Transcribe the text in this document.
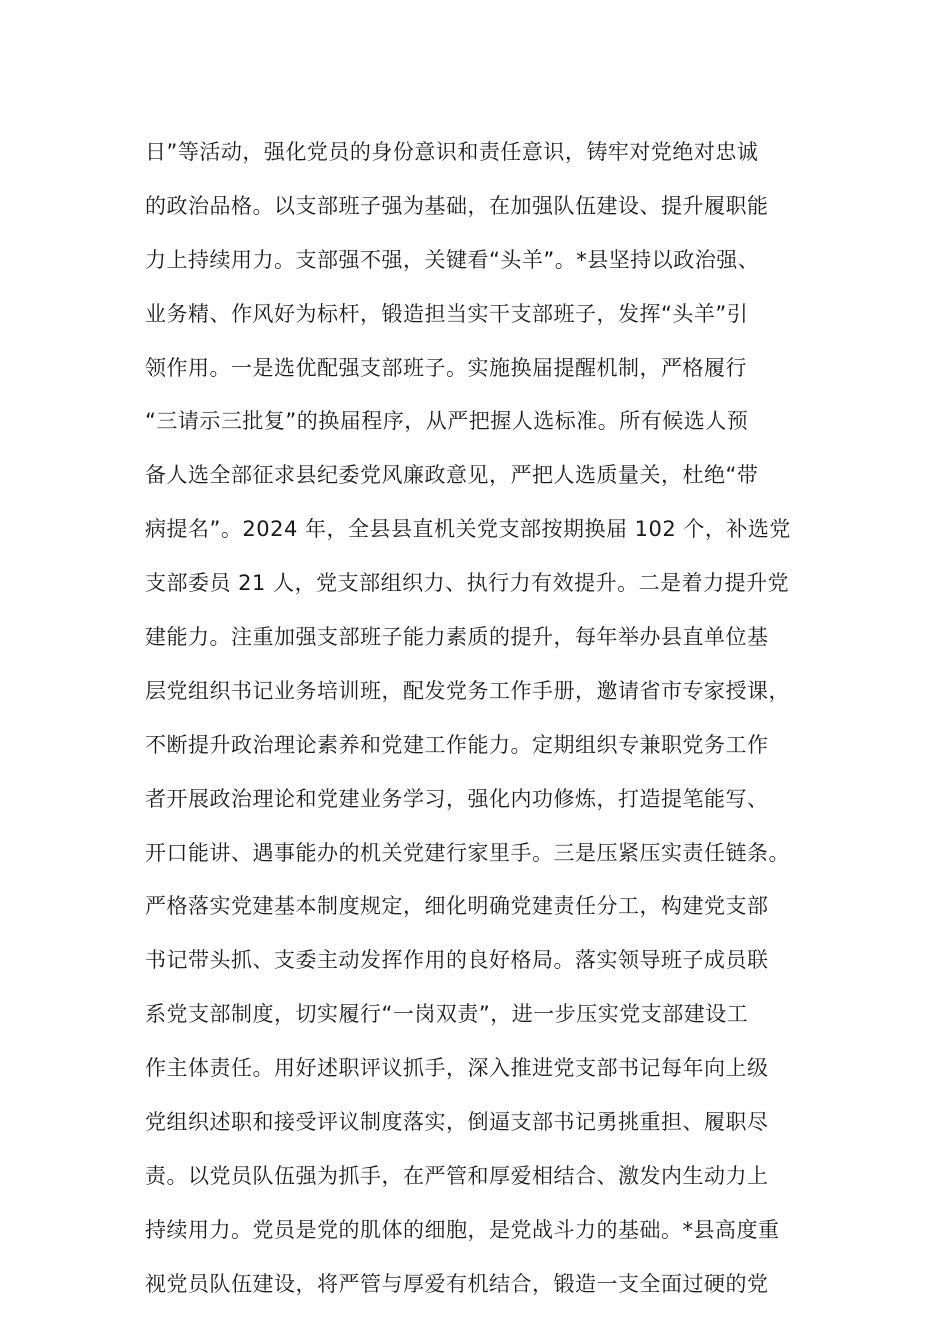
日”等活动，强化党员的身份意识和责任意识，铸牢对党绝对忠诚
的政治品格。以支部班子强为基础，在加强队伍建设、提升履职能
力上持续用力。支部强不强，关键看“头羊”。*县坚持以政治强、
业务精、作风好为标杆，锻造担当实干支部班子，发挥“头羊”引
领作用。一是选优配强支部班子。实施换届提醒机制，严格履行
“三请示三批复”的换届程序，从严把握人选标准。所有候选人预
备人选全部征求县纪委党风廉政意见，严把人选质量关，杜绝“带
病提名”。2024 年，全县县直机关党支部按期换届 102 个，补选党
支部委员 21 人，党支部组织力、执行力有效提升。二是着力提升党
建能力。注重加强支部班子能力素质的提升，每年举办县直单位基
层党组织书记业务培训班，配发党务工作手册，邀请省市专家授课，
不断提升政治理论素养和党建工作能力。定期组织专兼职党务工作
者开展政治理论和党建业务学习，强化内功修炼，打造提笔能写、
开口能讲、遇事能办的机关党建行家里手。三是压紧压实责任链条。
严格落实党建基本制度规定，细化明确党建责任分工，构建党支部
书记带头抓、支委主动发挥作用的良好格局。落实领导班子成员联
系党支部制度，切实履行“一岗双责”，进一步压实党支部建设工
作主体责任。用好述职评议抓手，深入推进党支部书记每年向上级
党组织述职和接受评议制度落实，倒逼支部书记勇挑重担、履职尽
责。以党员队伍强为抓手，在严管和厚爱相结合、激发内生动力上
持续用力。党员是党的肌体的细胞，是党战斗力的基础。*县高度重
视党员队伍建设，将严管与厚爱有机结合，锻造一支全面过硬的党
